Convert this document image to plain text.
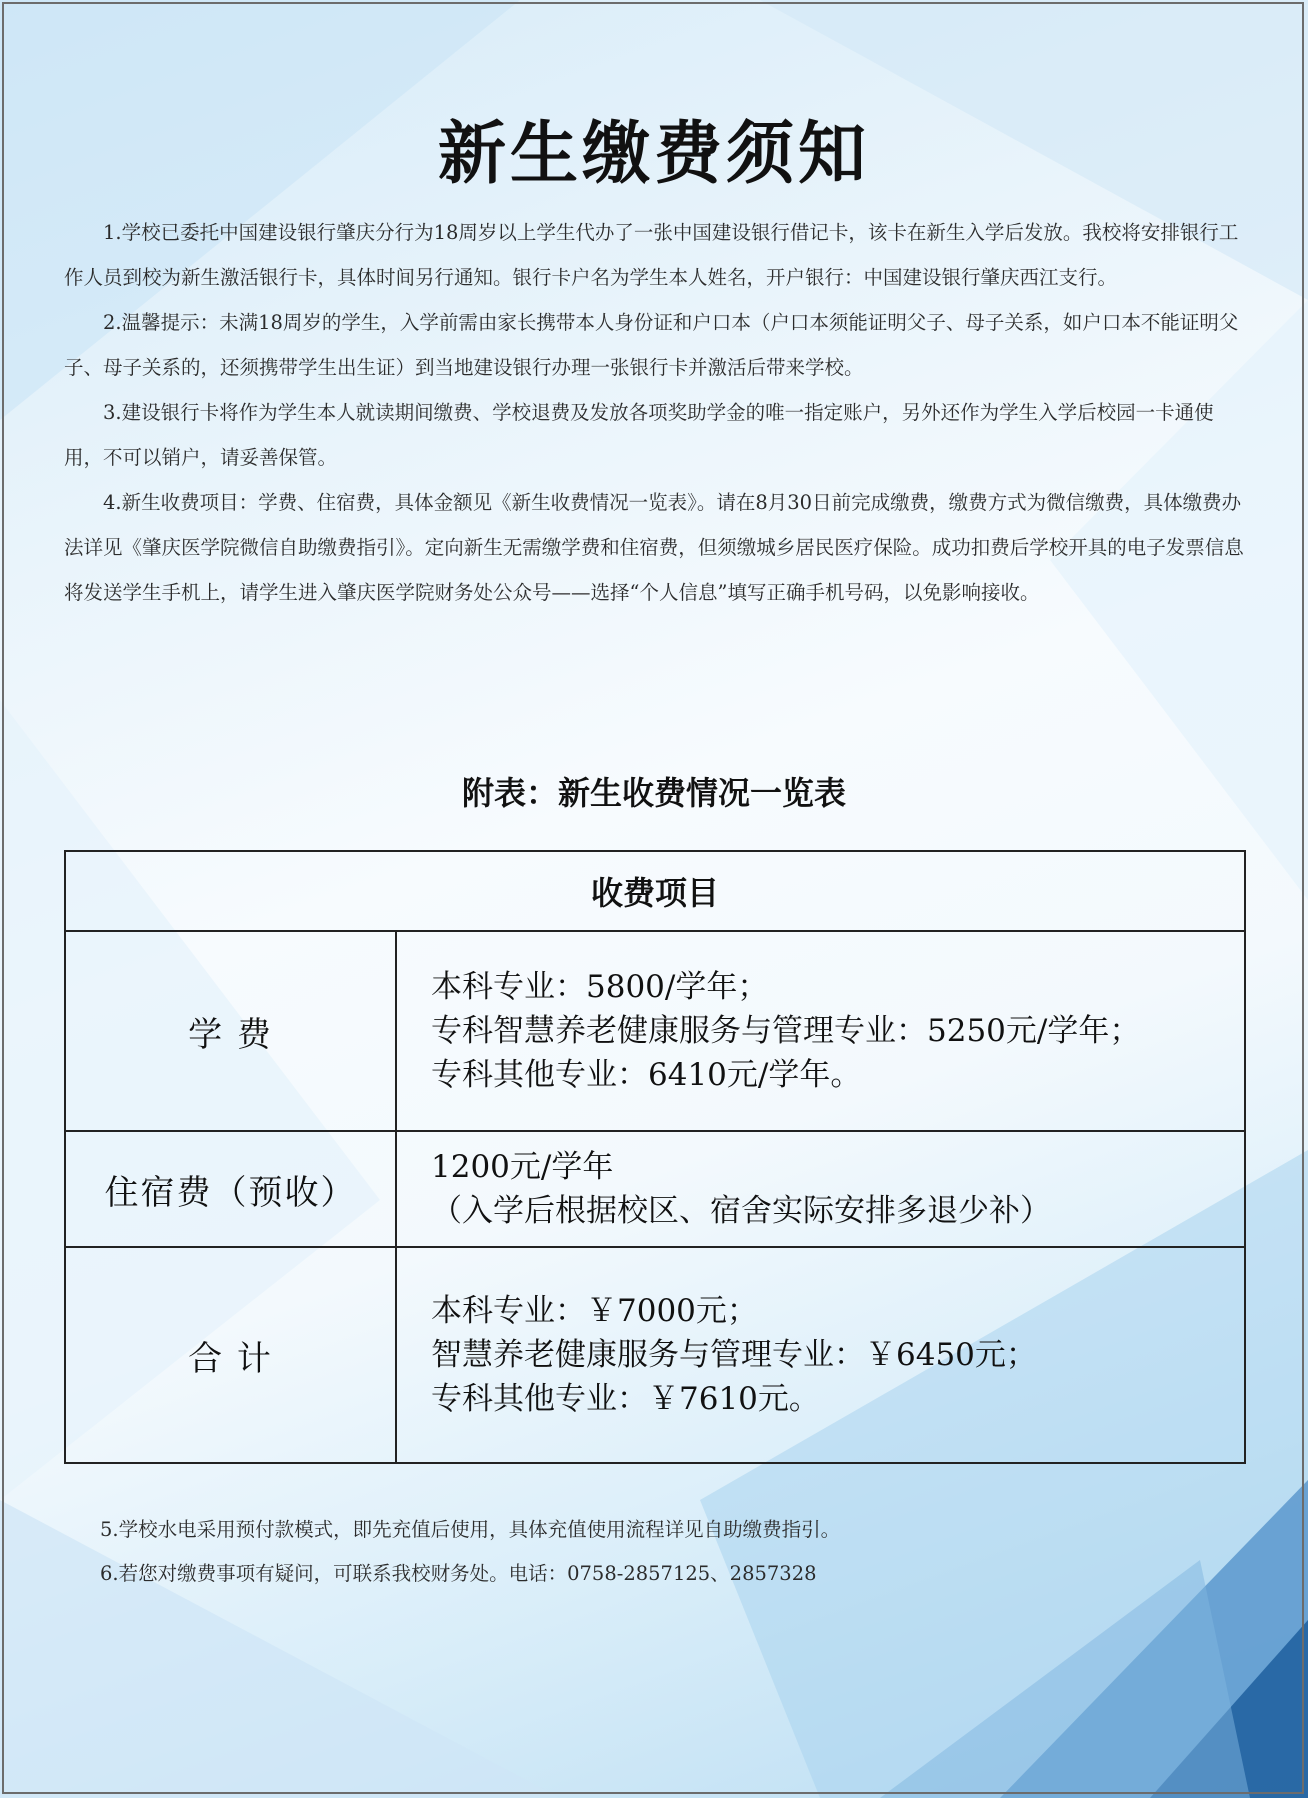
新生缴费须知

1.学校已委托中国建设银行肇庆分行为18周岁以上学生代办了一张中国建设银行借记卡，该卡在新生入学后发放。我校将安排银行工作人员到校为新生激活银行卡，具体时间另行通知。银行卡户名为学生本人姓名，开户银行：中国建设银行肇庆西江支行。

2.温馨提示：未满18周岁的学生，入学前需由家长携带本人身份证和户口本（户口本须能证明父子、母子关系，如户口本不能证明父子、母子关系的，还须携带学生出生证）到当地建设银行办理一张银行卡并激活后带来学校。

3.建设银行卡将作为学生本人就读期间缴费、学校退费及发放各项奖助学金的唯一指定账户，另外还作为学生入学后校园一卡通使用，不可以销户，请妥善保管。

4.新生收费项目：学费、住宿费，具体金额见《新生收费情况一览表》。请在8月30日前完成缴费，缴费方式为微信缴费，具体缴费办法详见《肇庆医学院微信自助缴费指引》。定向新生无需缴学费和住宿费，但须缴城乡居民医疗保险。成功扣费后学校开具的电子发票信息将发送学生手机上，请学生进入肇庆医学院财务处公众号——选择“个人信息”填写正确手机号码，以免影响接收。

附表：新生收费情况一览表
收费项目	
学 费	本科专业：5800/学年；
专科智慧养老健康服务与管理专业：5250元/学年；
专科其他专业：6410元/学年。

住宿费（预收）	1200元/学年
（入学后根据校区、宿舍实际安排多退少补）

合 计	本科专业：￥7000元；
智慧养老健康服务与管理专业：￥6450元；
专科其他专业：￥7610元。

5.学校水电采用预付款模式，即先充值后使用，具体充值使用流程详见自助缴费指引。

6.若您对缴费事项有疑问，可联系我校财务处。电话：0758-2857125、2857328
